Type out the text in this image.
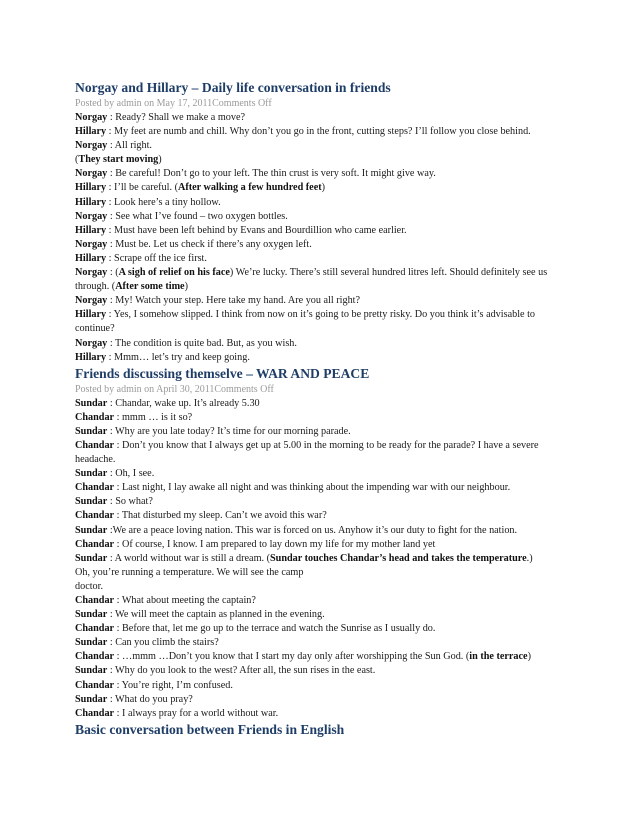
Norgay and Hillary – Daily life conversation in friends
Posted by admin on May 17, 2011Comments Off
Norgay : Ready? Shall we make a move?
Hillary : My feet are numb and chill. Why don’t you go in the front, cutting steps? I’ll follow you close behind.
Norgay : All right.
(They start moving)
Norgay : Be careful! Don’t go to your left. The thin crust is very soft. It might give way.
Hillary : I’ll be careful. (After walking a few hundred feet)
Hillary : Look here’s a tiny hollow.
Norgay : See what I’ve found – two oxygen bottles.
Hillary : Must have been left behind by Evans and Bourdillion who came earlier.
Norgay : Must be. Let us check if there’s any oxygen left.
Hillary : Scrape off the ice first.
Norgay : (A sigh of relief on his face) We’re lucky. There’s still several hundred litres left. Should definitely see us through. (After some time)
Norgay : My! Watch your step. Here take my hand. Are you all right?
Hillary : Yes, I somehow slipped. I think from now on it’s going to be pretty risky. Do you think it’s advisable to continue?
Norgay : The condition is quite bad. But, as you wish.
Hillary : Mmm… let’s try and keep going.
Friends discussing themselve – WAR AND PEACE
Posted by admin on April 30, 2011Comments Off
Sundar : Chandar, wake up. It’s already 5.30
Chandar : mmm … is it so?
Sundar : Why are you late today? It’s time for our morning parade.
Chandar : Don’t you know that I always get up at 5.00 in the morning to be ready for the parade? I have a severe headache.
Sundar : Oh, I see.
Chandar : Last night, I lay awake all night and was thinking about the impending war with our neighbour.
Sundar : So what?
Chandar : That disturbed my sleep. Can’t we avoid this war?
Sundar :We are a peace loving nation. This war is forced on us. Anyhow it’s our duty to fight for the nation.
Chandar : Of course, I know. I am prepared to lay down my life for my mother land yet
Sundar : A world without war is still a dream. (Sundar touches Chandar’s head and takes the temperature.)
Oh, you’re running a temperature. We will see the camp
doctor.
Chandar : What about meeting the captain?
Sundar : We will meet the captain as planned in the evening.
Chandar : Before that, let me go up to the terrace and watch the Sunrise as I usually do.
Sundar : Can you climb the stairs?
Chandar : …mmm …Don’t you know that I start my day only after worshipping the Sun God. (in the terrace)
Sundar : Why do you look to the west? After all, the sun rises in the east.
Chandar : You’re right, I’m confused.
Sundar : What do you pray?
Chandar : I always pray for a world without war.
Basic conversation between Friends in English
